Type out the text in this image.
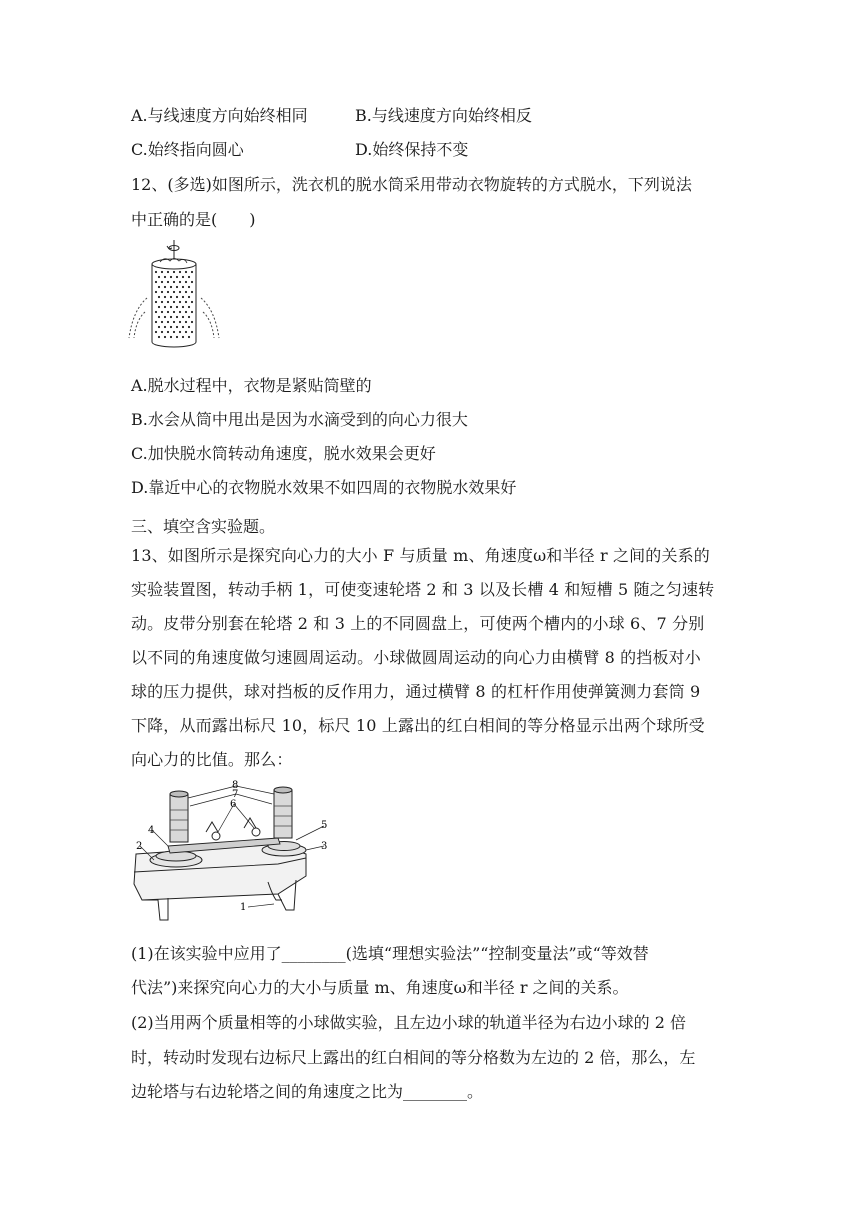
A.与线速度方向始终相同	B.与线速度方向始终相反
C.始终指向圆心	D.始终保持不变
12、(多选)如图所示，洗衣机的脱水筒采用带动衣物旋转的方式脱水，下列说法
中正确的是(　　)
A.脱水过程中，衣物是紧贴筒壁的
B.水会从筒中甩出是因为水滴受到的向心力很大
C.加快脱水筒转动角速度，脱水效果会更好
D.靠近中心的衣物脱水效果不如四周的衣物脱水效果好
三、填空含实验题。
13、如图所示是探究向心力的大小 F 与质量 m、角速度ω和半径 r 之间的关系的
实验装置图，转动手柄 1，可使变速轮塔 2 和 3 以及长槽 4 和短槽 5 随之匀速转
动。皮带分别套在轮塔 2 和 3 上的不同圆盘上，可使两个槽内的小球 6、7 分别
以不同的角速度做匀速圆周运动。小球做圆周运动的向心力由横臂 8 的挡板对小
球的压力提供，球对挡板的反作用力，通过横臂 8 的杠杆作用使弹簧测力套筒 9
下降，从而露出标尺 10，标尺 10 上露出的红白相间的等分格显示出两个球所受
向心力的比值。那么：
8
7
6
5
4
3
2
1
(1)在该实验中应用了________(选填“理想实验法”“控制变量法”或“等效替
代法”)来探究向心力的大小与质量 m、角速度ω和半径 r 之间的关系。
(2)当用两个质量相等的小球做实验，且左边小球的轨道半径为右边小球的 2 倍
时，转动时发现右边标尺上露出的红白相间的等分格数为左边的 2 倍，那么，左
边轮塔与右边轮塔之间的角速度之比为________。
